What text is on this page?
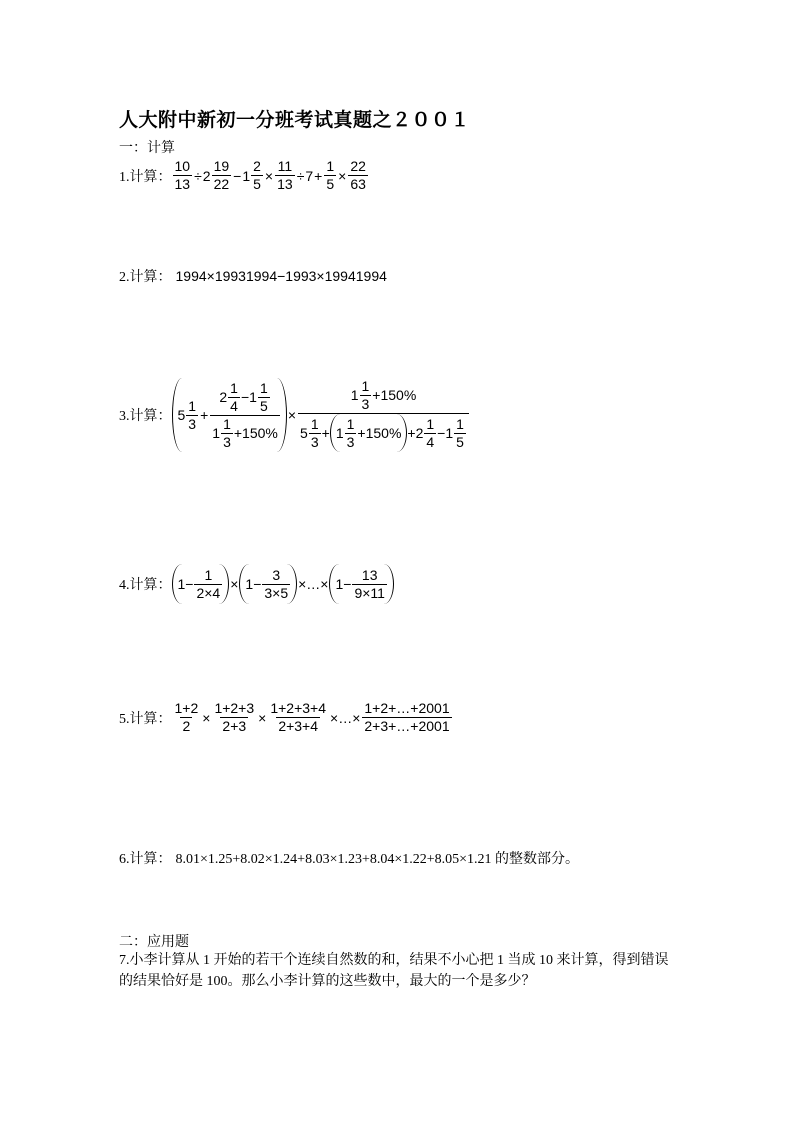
人大附中新初一分班考试真题之２００１
一：计算
1.计算： $\frac{10}{13} \div 2 \frac{19}{22} - 1 \frac{2}{5} \times \frac{11}{13} \div 7 + \frac{1}{5} \times \frac{22}{63}$
2.计算： 1994×19931994−1993×19941994
3.计算： $5 \frac{1}{3} + \frac{2 \frac{1}{4} - 1 \frac{1}{5}}{1 \frac{1}{3} +150\%} \times \frac{1 \frac{1}{3} +150\%}{5 \frac{1}{3} + 1 \frac{1}{3} +150\% +2 \frac{1}{4} -1 \frac{1}{5}}$
4.计算： $1- \frac{1}{2\times 4} \times 1- \frac{3}{3\times 5}$ ×…× $1- \frac{13}{9\times 11}$
5.计算： $\frac{1+2}{2} \times \frac{1+2+3}{2+3} \times \frac{1+2+3+4}{2+3+4}$ ×…× $\frac{1+2+\dots+2001}{2+3+\dots+2001}$
6.计算： 8.01×1.25+8.02×1.24+8.03×1.23+8.04×1.22+8.05×1.21 的整数部分。
二：应用题
7.小李计算从 1 开始的若干个连续自然数的和，结果不小心把 1 当成 10 来计算，得到错误的结果恰好是 100。那么小李计算的这些数中，最大的一个是多少？
